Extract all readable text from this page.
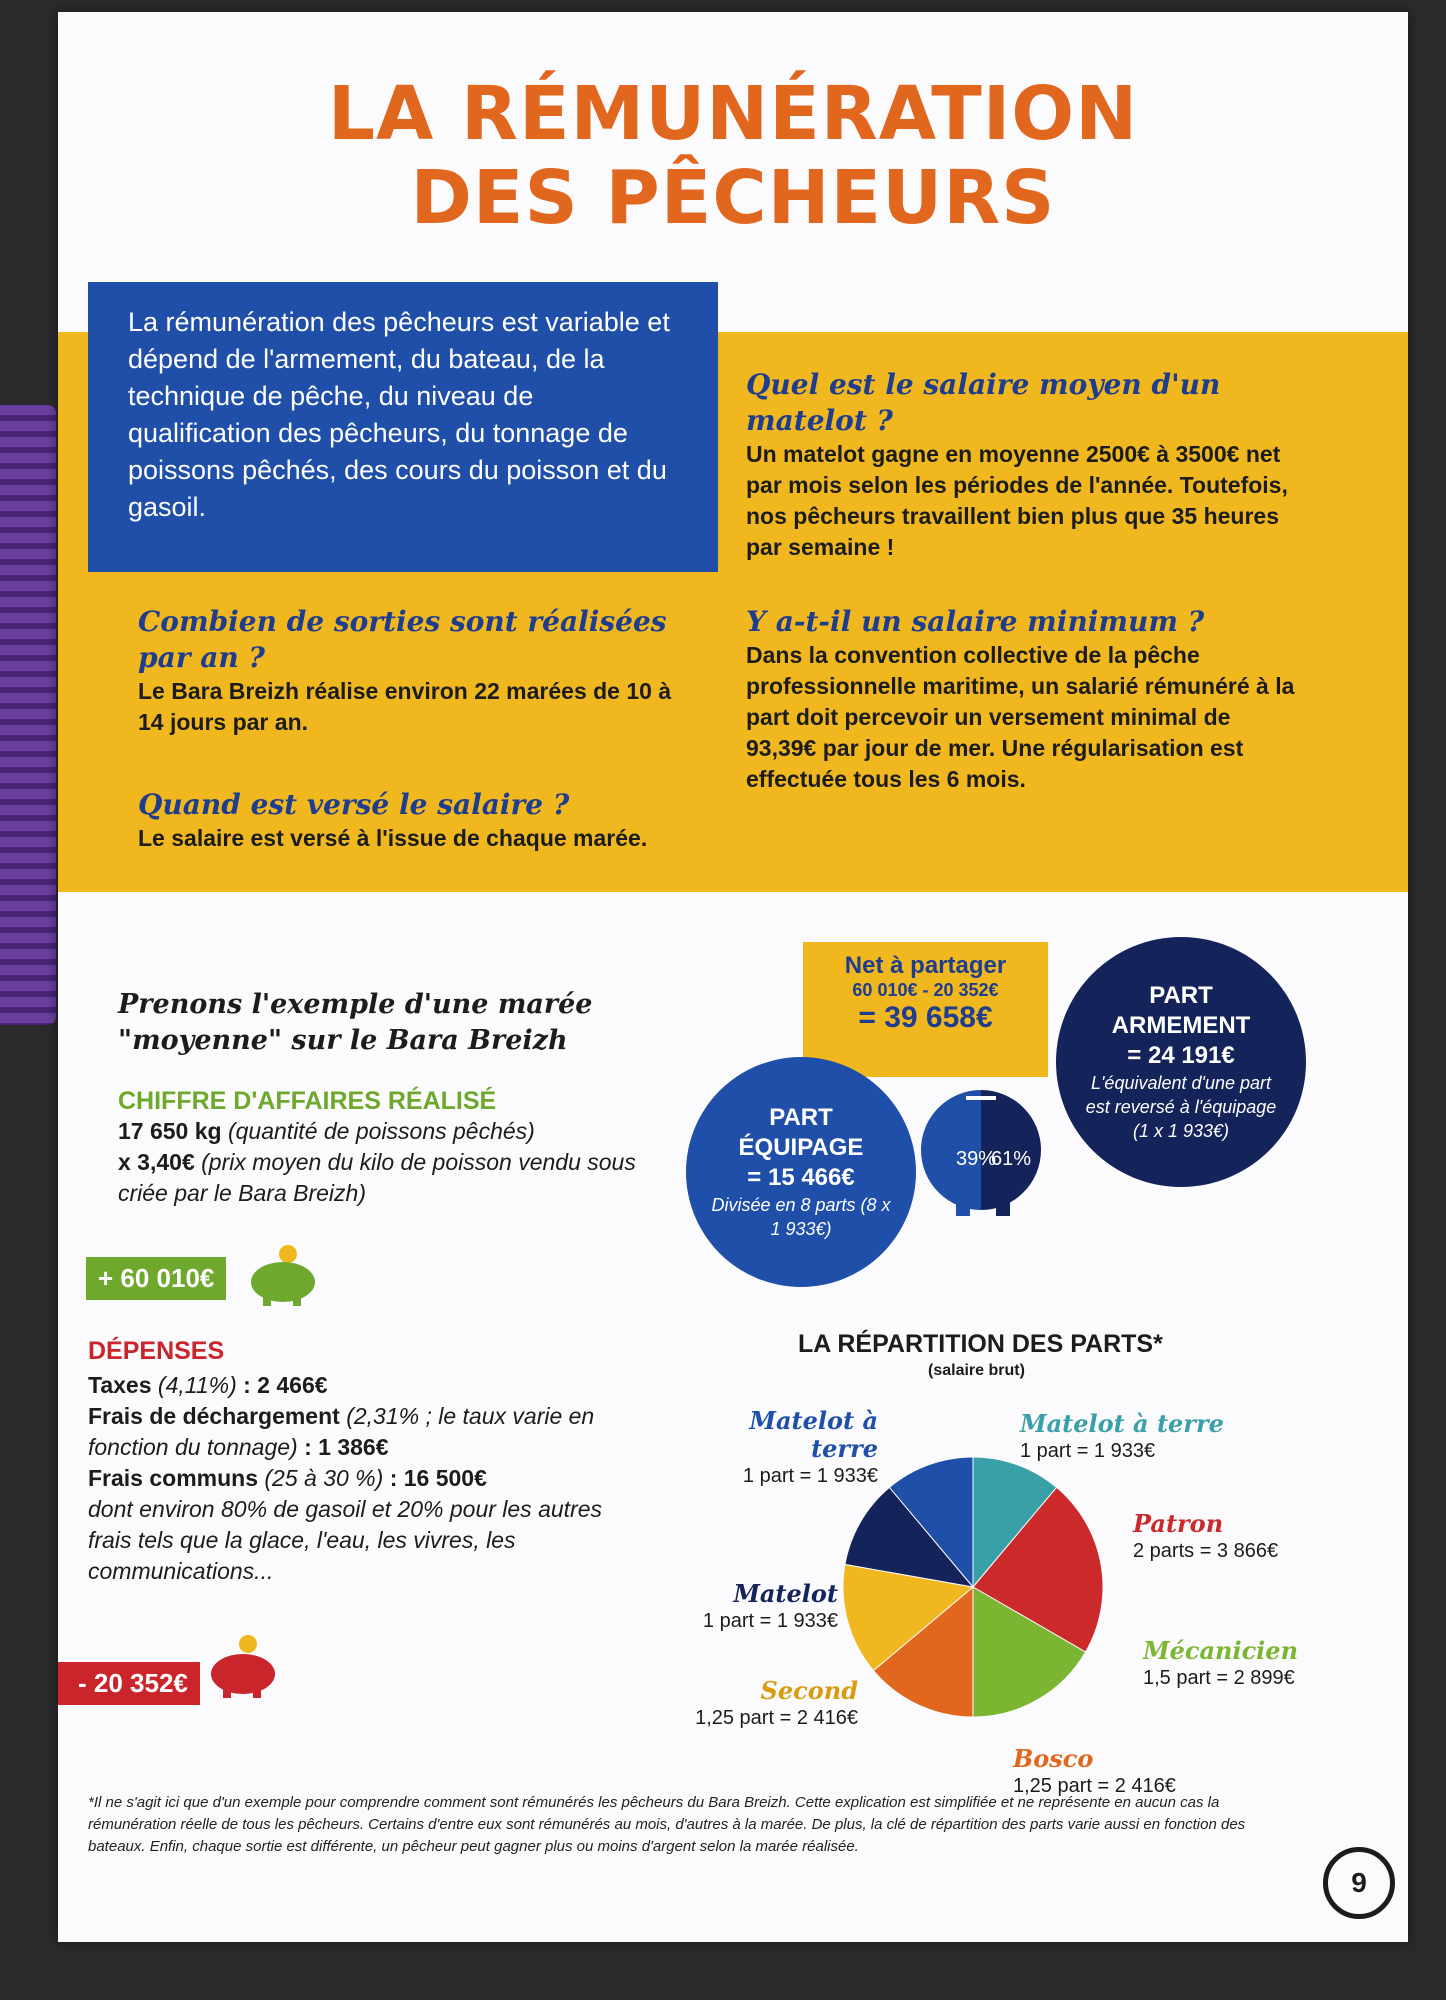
LA RÉMUNÉRATION
DES PÊCHEURS
La rémunération des pêcheurs est variable et dépend de l'armement, du bateau, de la technique de pêche, du niveau de qualification des pêcheurs, du tonnage de poissons pêchés, des cours du poisson et du gasoil.
Quel est le salaire moyen d'un matelot ?
Un matelot gagne en moyenne 2500€ à 3500€ net par mois selon les périodes de l'année. Toutefois, nos pêcheurs travaillent bien plus que 35 heures par semaine !
Combien de sorties sont réalisées par an ?
Le Bara Breizh réalise environ 22 marées de 10 à 14 jours par an.
Y a-t-il un salaire minimum ?
Dans la convention collective de la pêche professionnelle maritime, un salarié rémunéré à la part doit percevoir un versement minimal de 93,39€ par jour de mer. Une régularisation est effectuée tous les 6 mois.
Quand est versé le salaire ?
Le salaire est versé à l'issue de chaque marée.
Prenons l'exemple d'une marée "moyenne" sur le Bara Breizh
CHIFFRE D'AFFAIRES RÉALISÉ
17 650 kg (quantité de poissons pêchés)
x 3,40€ (prix moyen du kilo de poisson vendu sous criée par le Bara Breizh)
+ 60 010€
DÉPENSES
Taxes (4,11%) : 2 466€
Frais de déchargement (2,31% ; le taux varie en fonction du tonnage) : 1 386€
Frais communs (25 à 30 %) : 16 500€
dont environ 80% de gasoil et 20% pour les autres frais tels que la glace, l'eau, les vivres, les communications...
- 20 352€
Net à partager
60 010€ - 20 352€
= 39 658€
PART ÉQUIPAGE
= 15 466€
Divisée en 8 parts (8 x 1 933€)
PART ARMEMENT
= 24 191€
L'équivalent d'une part est reversé à l'équipage (1 x 1 933€)
39%
61%
LA RÉPARTITION DES PARTS*
(salaire brut)
Matelot à terre
1 part = 1 933€
Matelot à terre
1 part = 1 933€
Patron
2 parts = 3 866€
Matelot
1 part = 1 933€
Mécanicien
1,5 part = 2 899€
Second
1,25 part = 2 416€
Bosco
1,25 part = 2 416€
*Il ne s'agit ici que d'un exemple pour comprendre comment sont rémunérés les pêcheurs du Bara Breizh. Cette explication est simplifiée et ne représente en aucun cas la rémunération réelle de tous les pêcheurs. Certains d'entre eux sont rémunérés au mois, d'autres à la marée. De plus, la clé de répartition des parts varie aussi en fonction des bateaux. Enfin, chaque sortie est différente, un pêcheur peut gagner plus ou moins d'argent selon la marée réalisée.
9
